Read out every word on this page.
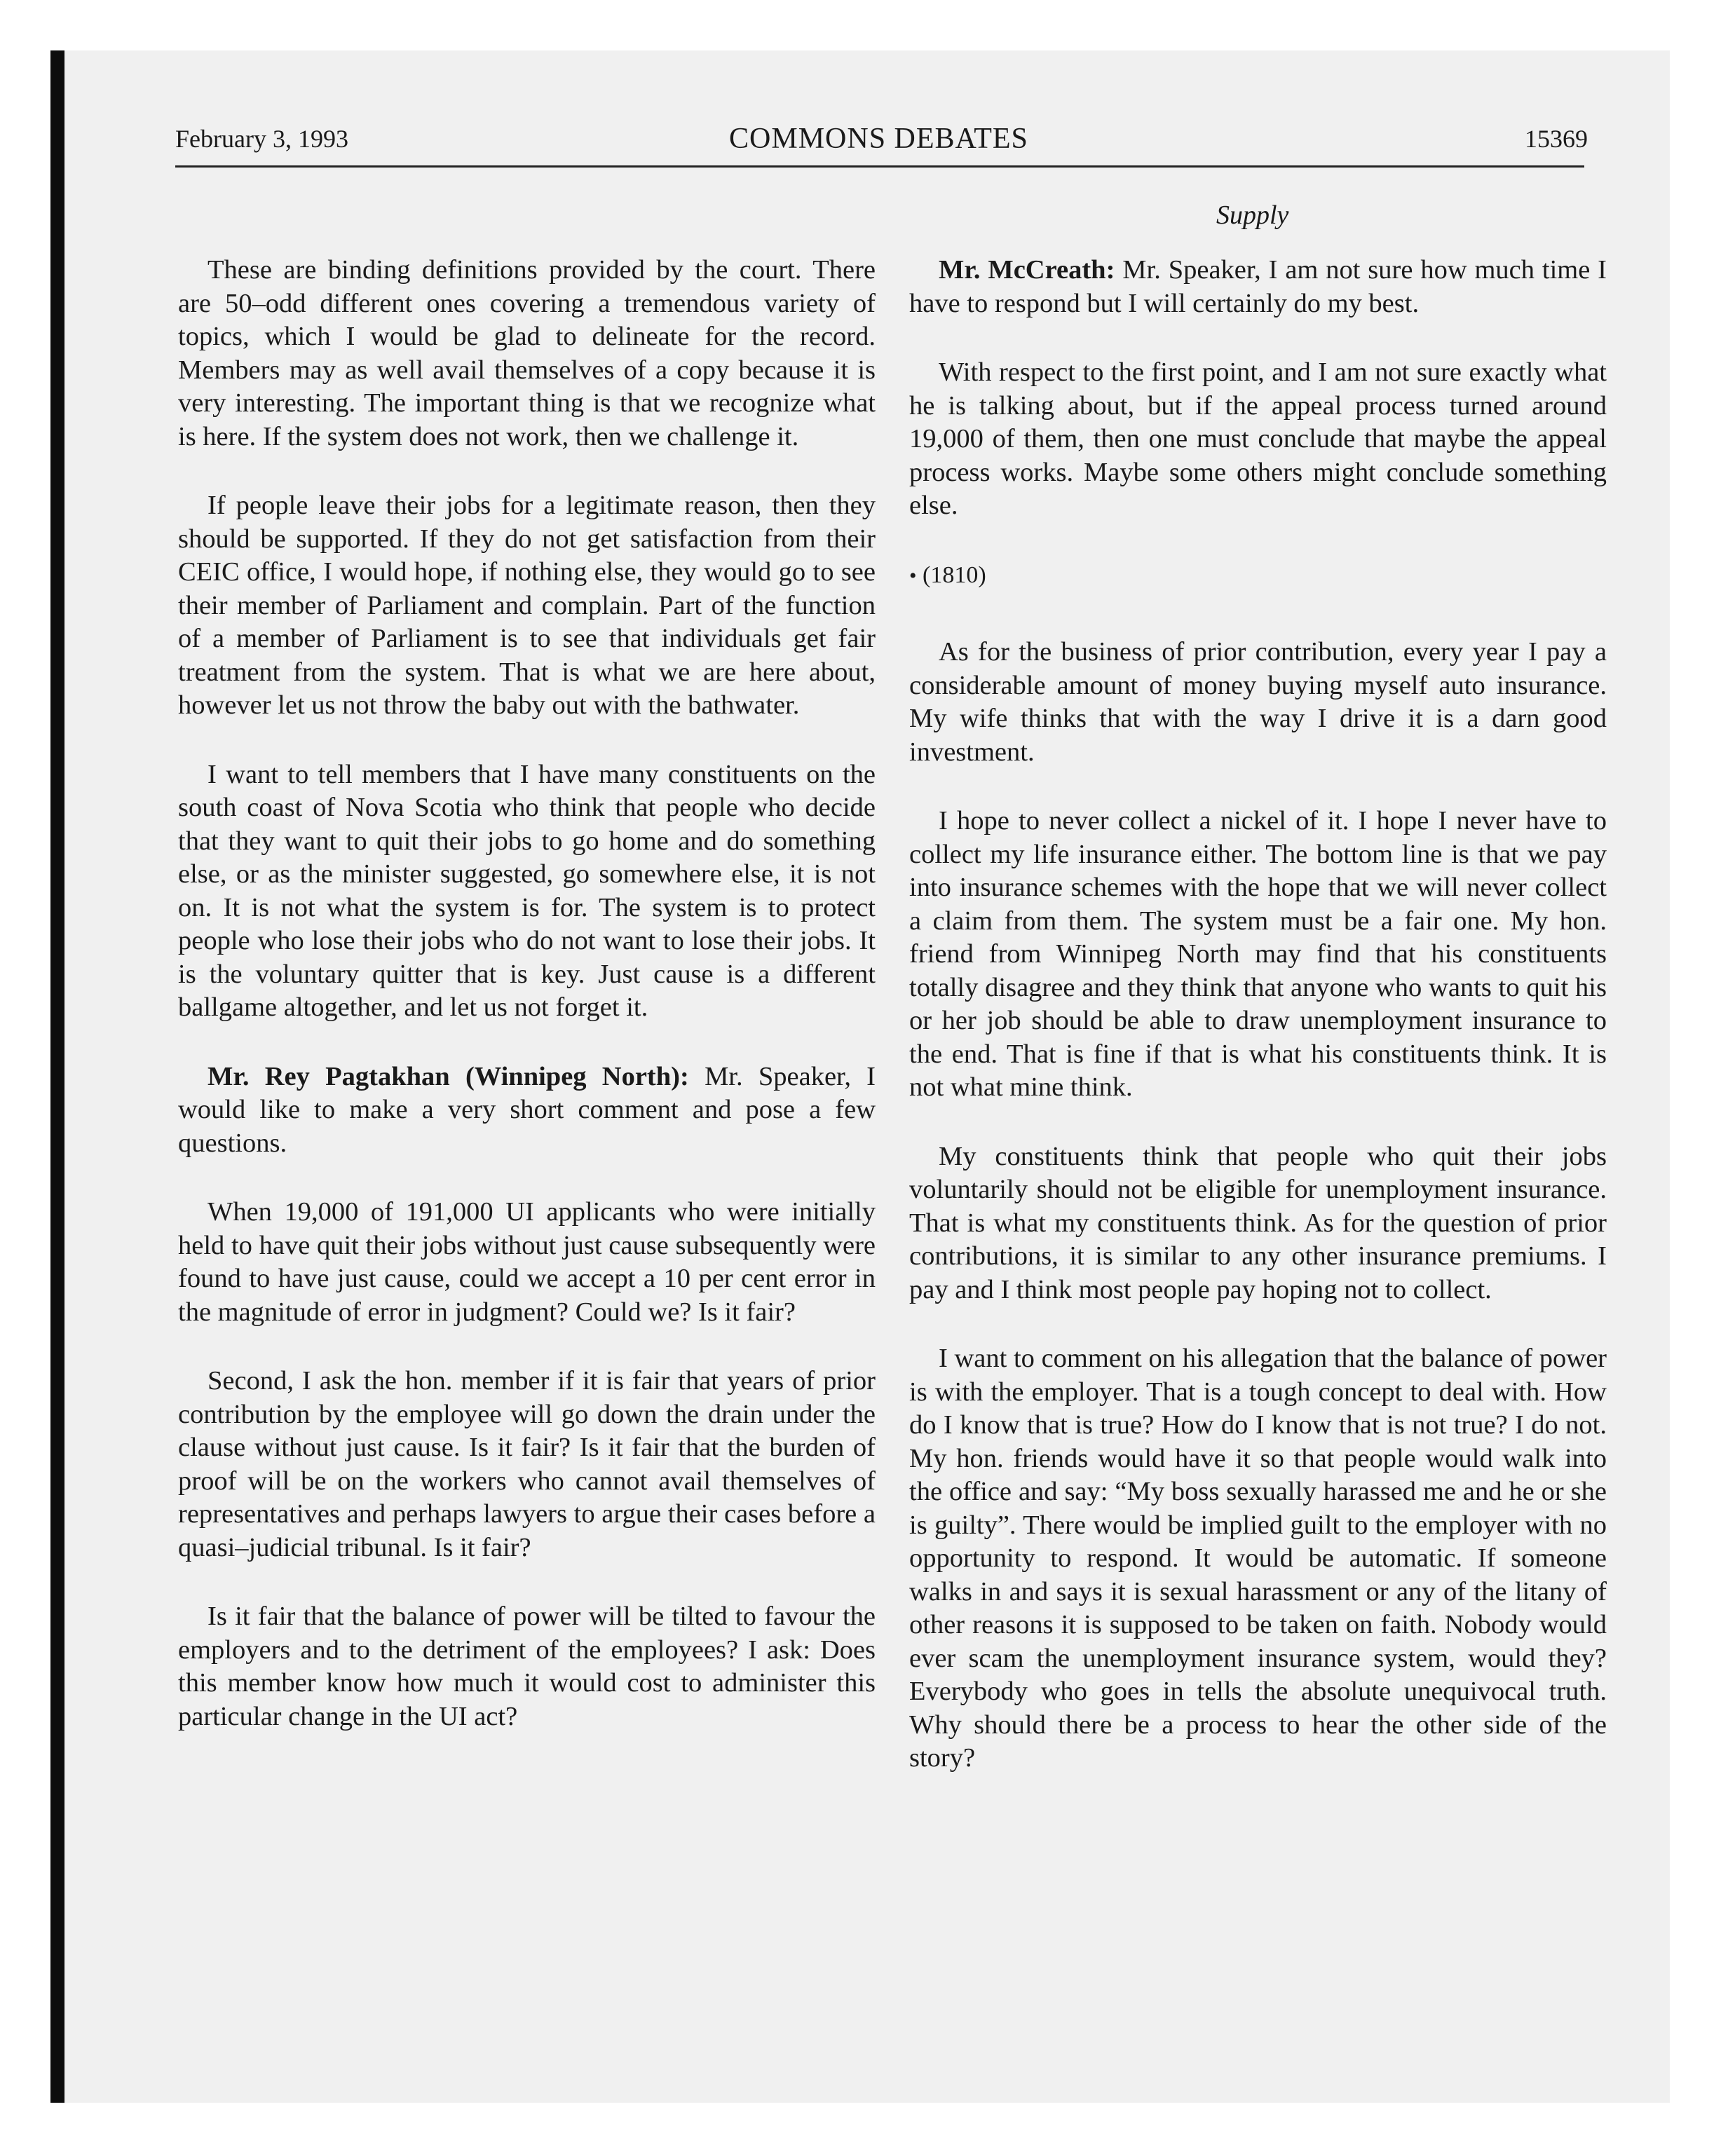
February 3, 1993	COMMONS DEBATES	15369
Supply

These are binding definitions provided by the court. There are 50–odd different ones covering a tremendous variety of topics, which I would be glad to delineate for the record. Members may as well avail themselves of a copy because it is very interesting. The important thing is that we recognize what is here. If the system does not work, then we challenge it.

If people leave their jobs for a legitimate reason, then they should be supported. If they do not get satisfaction from their CEIC office, I would hope, if nothing else, they would go to see their member of Parliament and complain. Part of the function of a member of Parliament is to see that individuals get fair treatment from the system. That is what we are here about, however let us not throw the baby out with the bathwater.

I want to tell members that I have many constituents on the south coast of Nova Scotia who think that people who decide that they want to quit their jobs to go home and do something else, or as the minister suggested, go somewhere else, it is not on. It is not what the system is for. The system is to protect people who lose their jobs who do not want to lose their jobs. It is the voluntary quitter that is key. Just cause is a different ballgame altogether, and let us not forget it.

Mr. Rey Pagtakhan (Winnipeg North): Mr. Speaker, I would like to make a very short comment and pose a few questions.

When 19,000 of 191,000 UI applicants who were initially held to have quit their jobs without just cause subsequently were found to have just cause, could we accept a 10 per cent error in the magnitude of error in judgment? Could we? Is it fair?

Second, I ask the hon. member if it is fair that years of prior contribution by the employee will go down the drain under the clause without just cause. Is it fair? Is it fair that the burden of proof will be on the workers who cannot avail themselves of representatives and perhaps lawyers to argue their cases before a quasi–judicial tribunal. Is it fair?

Is it fair that the balance of power will be tilted to favour the employers and to the detriment of the employees? I ask: Does this member know how much it would cost to administer this particular change in the UI act?

Mr. McCreath: Mr. Speaker, I am not sure how much time I have to respond but I will certainly do my best.

With respect to the first point, and I am not sure exactly what he is talking about, but if the appeal process turned around 19,000 of them, then one must conclude that maybe the appeal process works. Maybe some others might conclude something else.

• (1810)

As for the business of prior contribution, every year I pay a considerable amount of money buying myself auto insurance. My wife thinks that with the way I drive it is a darn good investment.

I hope to never collect a nickel of it. I hope I never have to collect my life insurance either. The bottom line is that we pay into insurance schemes with the hope that we will never collect a claim from them. The system must be a fair one. My hon. friend from Winnipeg North may find that his constituents totally disagree and they think that anyone who wants to quit his or her job should be able to draw unemployment insurance to the end. That is fine if that is what his constituents think. It is not what mine think.

My constituents think that people who quit their jobs voluntarily should not be eligible for unemployment insurance. That is what my constituents think. As for the question of prior contributions, it is similar to any other insurance premiums. I pay and I think most people pay hoping not to collect.

I want to comment on his allegation that the balance of power is with the employer. That is a tough concept to deal with. How do I know that is true? How do I know that is not true? I do not. My hon. friends would have it so that people would walk into the office and say: “My boss sexually harassed me and he or she is guilty”. There would be implied guilt to the employer with no opportunity to respond. It would be automatic. If someone walks in and says it is sexual harassment or any of the litany of other reasons it is supposed to be taken on faith. Nobody would ever scam the unemployment insurance system, would they? Everybody who goes in tells the absolute unequivocal truth. Why should there be a process to hear the other side of the story?
